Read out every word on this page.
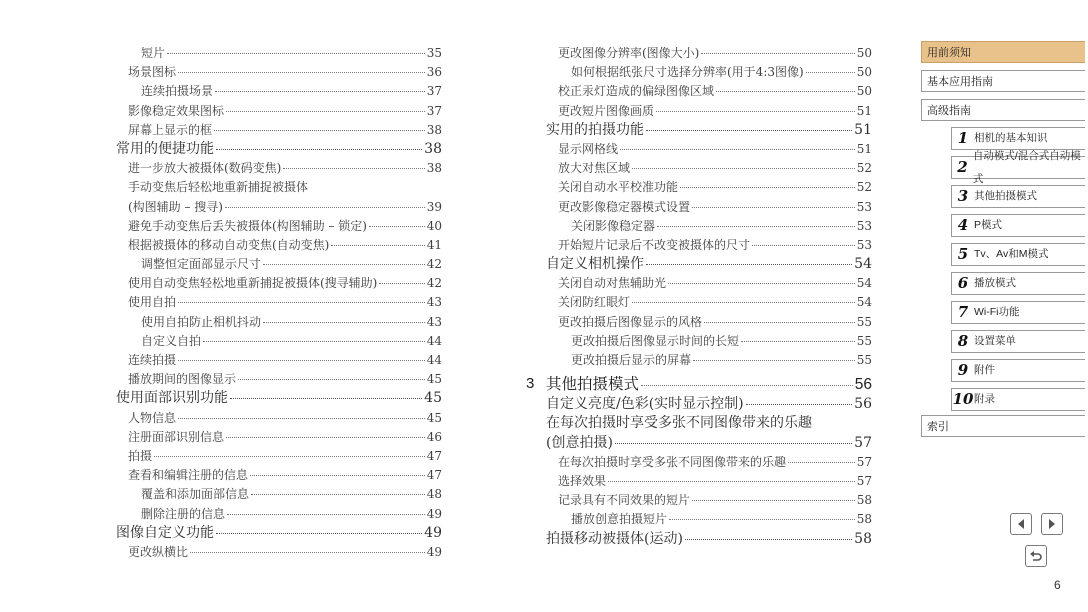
短片	35
场景图标	36
连续拍摄场景	37
影像稳定效果图标	37
屏幕上显示的框	38
常用的便捷功能	38
进一步放大被摄体(数码变焦)	38
手动变焦后轻松地重新捕捉被摄体
(构图辅助 – 搜寻)	39
避免手动变焦后丢失被摄体(构图辅助 – 锁定)	40
根据被摄体的移动自动变焦(自动变焦)	41
调整恒定面部显示尺寸	42
使用自动变焦轻松地重新捕捉被摄体(搜寻辅助)	42
使用自拍	43
使用自拍防止相机抖动	43
自定义自拍	44
连续拍摄	44
播放期间的图像显示	45
使用面部识别功能	45
人物信息	45
注册面部识别信息	46
拍摄	47
查看和编辑注册的信息	47
覆盖和添加面部信息	48
删除注册的信息	49
图像自定义功能	49
更改纵横比	49
更改图像分辨率(图像大小)	50
如何根据纸张尺寸选择分辨率(用于4:3图像)	50
校正汞灯造成的偏绿图像区域	50
更改短片图像画质	51
实用的拍摄功能	51
显示网格线	51
放大对焦区域	52
关闭自动水平校准功能	52
更改影像稳定器模式设置	53
关闭影像稳定器	53
开始短片记录后不改变被摄体的尺寸	53
自定义相机操作	54
关闭自动对焦辅助光	54
关闭防红眼灯	54
更改拍摄后图像显示的风格	55
更改拍摄后图像显示时间的长短	55
更改拍摄后显示的屏幕	55
3 其他拍摄模式	56
自定义亮度/色彩(实时显示控制)	56
在每次拍摄时享受多张不同图像带来的乐趣
(创意拍摄)	57
在每次拍摄时享受多张不同图像带来的乐趣	57
选择效果	57
记录具有不同效果的短片	58
播放创意拍摄短片	58
拍摄移动被摄体(运动)	58
用前须知
基本应用指南
高级指南
1 相机的基本知识
2
自动模式/混合式自动模式
3 其他拍摄模式
4 P模式
5 Tv、Av和M模式
6 播放模式
7 Wi-Fi功能
8 设置菜单
9 附件
10 附录
索引
6
